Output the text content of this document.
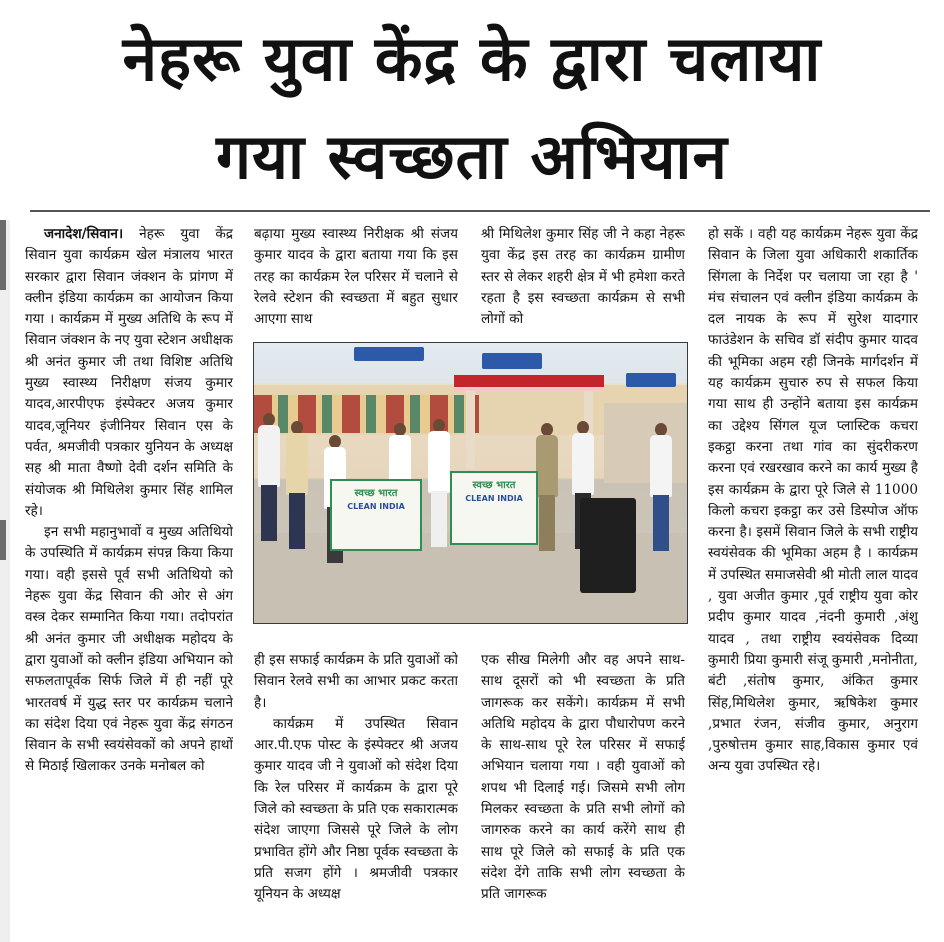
नेहरू युवा केंद्र के द्वारा चलाया
गया स्वच्छता अभियान

जनादेश/सिवान। नेहरू युवा केंद्र सिवान युवा कार्यक्रम खेल मंत्रालय भारत सरकार द्वारा सिवान जंक्शन के प्रांगण में क्लीन इंडिया कार्यक्रम का आयोजन किया गया । कार्यक्रम में मुख्य अतिथि के रूप में सिवान जंक्शन के नए युवा स्टेशन अधीक्षक श्री अनंत कुमार जी तथा विशिष्ट अतिथि मुख्य स्वास्थ्य निरीक्षण संजय कुमार यादव,आरपीएफ इंस्पेक्टर अजय कुमार यादव,जूनियर इंजीनियर सिवान एस के पर्वत, श्रमजीवी पत्रकार युनियन के अध्यक्ष सह श्री माता वैष्णो देवी दर्शन समिति के संयोजक श्री मिथिलेश कुमार सिंह शामिल रहे।

इन सभी महानुभावों व मुख्य अतिथियो के उपस्थिति में कार्यक्रम संपन्न किया किया गया। वही इससे पूर्व सभी अतिथियो को नेहरू युवा केंद्र सिवान की ओर से अंग वस्त्र देकर सम्मानित किया गया। तदोपरांत श्री अनंत कुमार जी अधीक्षक महोदय के द्वारा युवाओं को क्लीन इंडिया अभियान को सफलतापूर्वक सिर्फ जिले में ही नहीं पूरे भारतवर्ष में युद्ध स्तर पर कार्यक्रम चलाने का संदेश दिया एवं नेहरू युवा केंद्र संगठन सिवान के सभी स्वयंसेवकों को अपने हाथों से मिठाई खिलाकर उनके मनोबल को

बढ़ाया मुख्य स्वास्थ्य निरीक्षक श्री संजय कुमार यादव के द्वारा बताया गया कि इस तरह का कार्यक्रम रेल परिसर में चलाने से रेलवे स्टेशन की स्वच्छता में बहुत सुधार आएगा साथ

श्री मिथिलेश कुमार सिंह जी ने कहा नेहरू युवा केंद्र इस तरह का कार्यक्रम ग्रामीण स्तर से लेकर शहरी क्षेत्र में भी हमेशा करते रहता है इस स्वच्छता कार्यक्रम से सभी लोगों को

स्वच्छ भारत
CLEAN INDIA
स्वच्छ भारत
CLEAN INDIA

ही इस सफाई कार्यक्रम के प्रति युवाओं को सिवान रेलवे सभी का आभार प्रकट करता है।

कार्यक्रम में उपस्थित सिवान आर.पी.एफ पोस्ट के इंस्पेक्टर श्री अजय कुमार यादव जी ने युवाओं को संदेश दिया कि रेल परिसर में कार्यक्रम के द्वारा पूरे जिले को स्वच्छता के प्रति एक सकारात्मक संदेश जाएगा जिससे पूरे जिले के लोग प्रभावित होंगे और निष्ठा पूर्वक स्वच्छता के प्रति सजग होंगे । श्रमजीवी पत्रकार यूनियन के अध्यक्ष

एक सीख मिलेगी और वह अपने साथ-साथ दूसरों को भी स्वच्छता के प्रति जागरूक कर सकेंगे। कार्यक्रम में सभी अतिथि महोदय के द्वारा पौधारोपण करने के साथ-साथ पूरे रेल परिसर में सफाई अभियान चलाया गया । वही युवाओं को शपथ भी दिलाई गई। जिसमे सभी लोग मिलकर स्वच्छता के प्रति सभी लोगों को जागरुक करने का कार्य करेंगे साथ ही साथ पूरे जिले को सफाई के प्रति एक संदेश देंगे ताकि सभी लोग स्वच्छता के प्रति जागरूक

हो सकें । वही यह कार्यक्रम नेहरू युवा केंद्र सिवान के जिला युवा अधिकारी शकार्तिक सिंगला के निर्देश पर चलाया जा रहा है ' मंच संचालन एवं क्लीन इंडिया कार्यक्रम के दल नायक के रूप में सुरेश यादगार फाउंडेशन के सचिव डॉ संदीप कुमार यादव की भूमिका अहम रही जिनके मार्गदर्शन में यह कार्यक्रम सुचारु रुप से सफल किया गया साथ ही उन्होंने बताया इस कार्यक्रम का उद्देश्य सिंगल यूज प्लास्टिक कचरा इकट्ठा करना तथा गांव का सुंदरीकरण करना एवं रखरखाव करने का कार्य मुख्य है इस कार्यक्रम के द्वारा पूरे जिले से 11000 किलो कचरा इकट्ठा कर उसे डिस्पोज ऑफ करना है। इसमें सिवान जिले के सभी राष्ट्रीय स्वयंसेवक की भूमिका अहम है । कार्यक्रम में उपस्थित समाजसेवी श्री मोती लाल यादव , युवा अजीत कुमार ,पूर्व राष्ट्रीय युवा कोर प्रदीप कुमार यादव ,नंदनी कुमारी ,अंशु यादव , तथा राष्ट्रीय स्वयंसेवक दिव्या कुमारी प्रिया कुमारी संजू कुमारी ,मनोनीता, बंटी ,संतोष कुमार, अंकित कुमार सिंह,मिथिलेश कुमार, ऋषिकेश कुमार ,प्रभात रंजन, संजीव कुमार, अनुराग ,पुरुषोत्तम कुमार साह,विकास कुमार एवं अन्य युवा उपस्थित रहे।
